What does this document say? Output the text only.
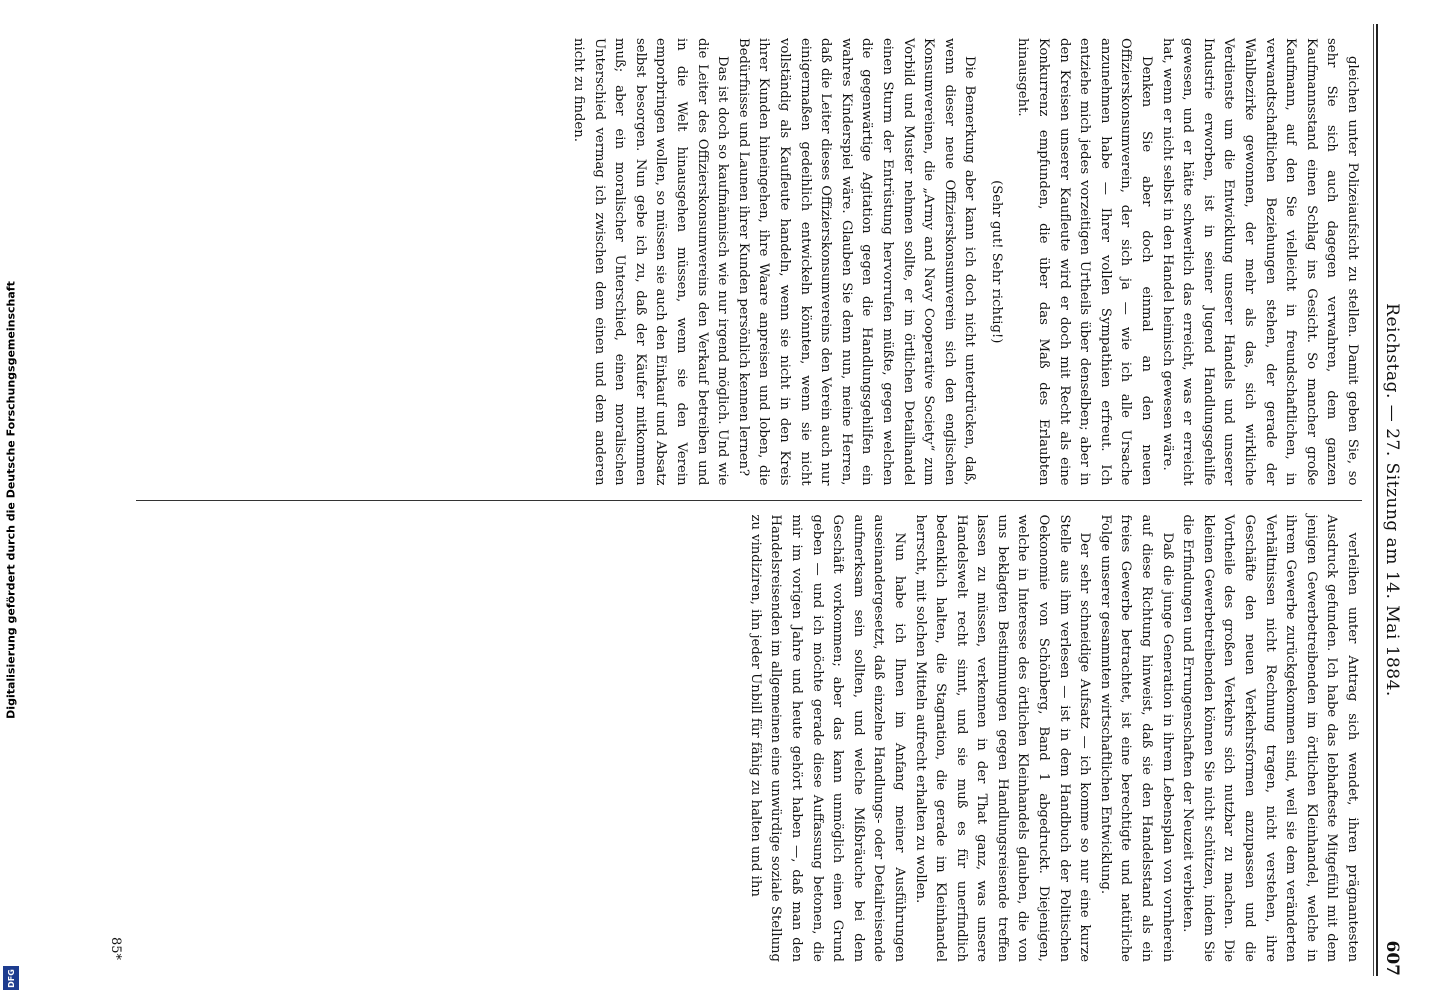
Digitalisierung gefördert durch die Deutsche Forschungsgemeinschaft
DFG
Reichstag. — 27. Sitzung am 14. Mai 1884.
607

gleichen unter Polizeiaufsicht zu stellen. Damit geben Sie, so sehr Sie sich auch dagegen verwahren, dem ganzen Kaufmannsstand einen Schlag ins Gesicht. So mancher große Kaufmann, auf den Sie vielleicht in freundschaftlichen, in verwandtschaftlichen Beziehungen stehen, der gerade der Wahlbezirke gewonnen, der mehr als das, sich wirkliche Verdienste um die Entwicklung unserer Handels und unserer Industrie erworben, ist in seiner Jugend Handlungsgehilfe gewesen, und er hätte schwerlich das erreicht, was er erreicht hat, wenn er nicht selbst in den Handel heimisch gewesen wäre.

Denken Sie aber doch einmal an den neuen Offizierskonsumverein, der sich ja — wie ich alle Ursache anzunehmen habe — Ihrer vollen Sympathien erfreut. Ich entziehe mich jedes vorzeitigen Urtheils über denselben; aber in den Kreisen unserer Kaufleute wird er doch mit Recht als eine Konkurrenz empfunden, die über das Maß des Erlaubten hinausgeht.

(Sehr gut! Sehr richtig!)

Die Bemerkung aber kann ich doch nicht unterdrücken, daß, wenn dieser neue Offizierskonsumverein sich den englischen Konsumvereinen, die „Army and Navy Cooperative Society“ zum Vorbild und Muster nehmen sollte, er im örtlichen Detailhandel einen Sturm der Entrüstung hervorrufen müßte, gegen welchen die gegenwärtige Agitation gegen die Handlungsgehilfen ein wahres Kinderspiel wäre. Glauben Sie denn nun, meine Herren, daß die Leiter dieses Offizierskonsumvereins den Verein auch nur einigermaßen gedeihlich entwickeln könnten, wenn sie nicht vollständig als Kaufleute handeln, wenn sie nicht in den Kreis ihrer Kunden hineingehen, ihre Waare anpreisen und loben, die Bedürfnisse und Launen ihrer Kunden persönlich kennen lernen?

Das ist doch so kaufmännisch wie nur irgend möglich. Und wie die Leiter des Offizierskonsumvereins den Verkauf betreiben und in die Welt hinausgehen müssen, wenn sie den Verein emporbringen wollen, so müssen sie auch den Einkauf und Absatz selbst besorgen. Nun gebe ich zu, daß der Käufer mitkommen muß; aber ein moralischer Unterschied, einen moralischen Unterschied vermag ich zwischen dem einen und dem anderen nicht zu finden.

verleihen unter Antrag sich wendet, ihren prägnantesten Ausdruck gefunden. Ich habe das lebhafteste Mitgefühl mit dem jenigen Gewerbetreibenden im örtlichen Kleinhandel, welche in ihrem Gewerbe zurückgekommen sind, weil sie dem veränderten Verhältnissen nicht Rechnung tragen, nicht verstehen, ihre Geschäfte den neuen Verkehrsformen anzupassen und die Vortheile des großen Verkehrs sich nutzbar zu machen. Die kleinen Gewerbetreibenden können Sie nicht schützen, indem Sie die Erfindungen und Errungenschaften der Neuzeit verbieten.

Daß die junge Generation in ihrem Lebensplan von vornherein auf diese Richtung hinweist, daß sie den Handelsstand als ein freies Gewerbe betrachtet, ist eine berechtigte und natürliche Folge unserer gesammten wirtschaftlichen Entwicklung.

Der sehr schneidige Aufsatz — ich komme so nur eine kurze Stelle aus ihm verlesen — ist in dem Handbuch der Politischen Oekonomie von Schönberg, Band 1 abgedruckt. Diejenigen, welche in Interesse des örtlichen Kleinhandels glauben, die von uns beklagten Bestimmungen gegen Handlungsreisende treffen lassen zu müssen, verkennen in der That ganz, was unsere Handelswelt recht sinnt, und sie muß es für unerfindlich bedenklich halten, die Stagnation, die gerade im Kleinhandel herrscht, mit solchen Mitteln aufrecht erhalten zu wollen.

Nun habe ich Ihnen im Anfang meiner Ausführungen auseinandergesetzt, daß einzelne Handlungs- oder Detailreisende aufmerksam sein sollten, und welche Mißbräuche bei dem Geschäft vorkommen; aber das kann unmöglich einen Grund geben — und ich möchte gerade diese Auffassung betonen, die mir im vorigen Jahre und heute gehört haben —, daß man den Handelsreisenden im allgemeinen eine unwürdige soziale Stellung zu vindiziren, ihn jeder Unbill für fähig zu halten und ihn

85*
